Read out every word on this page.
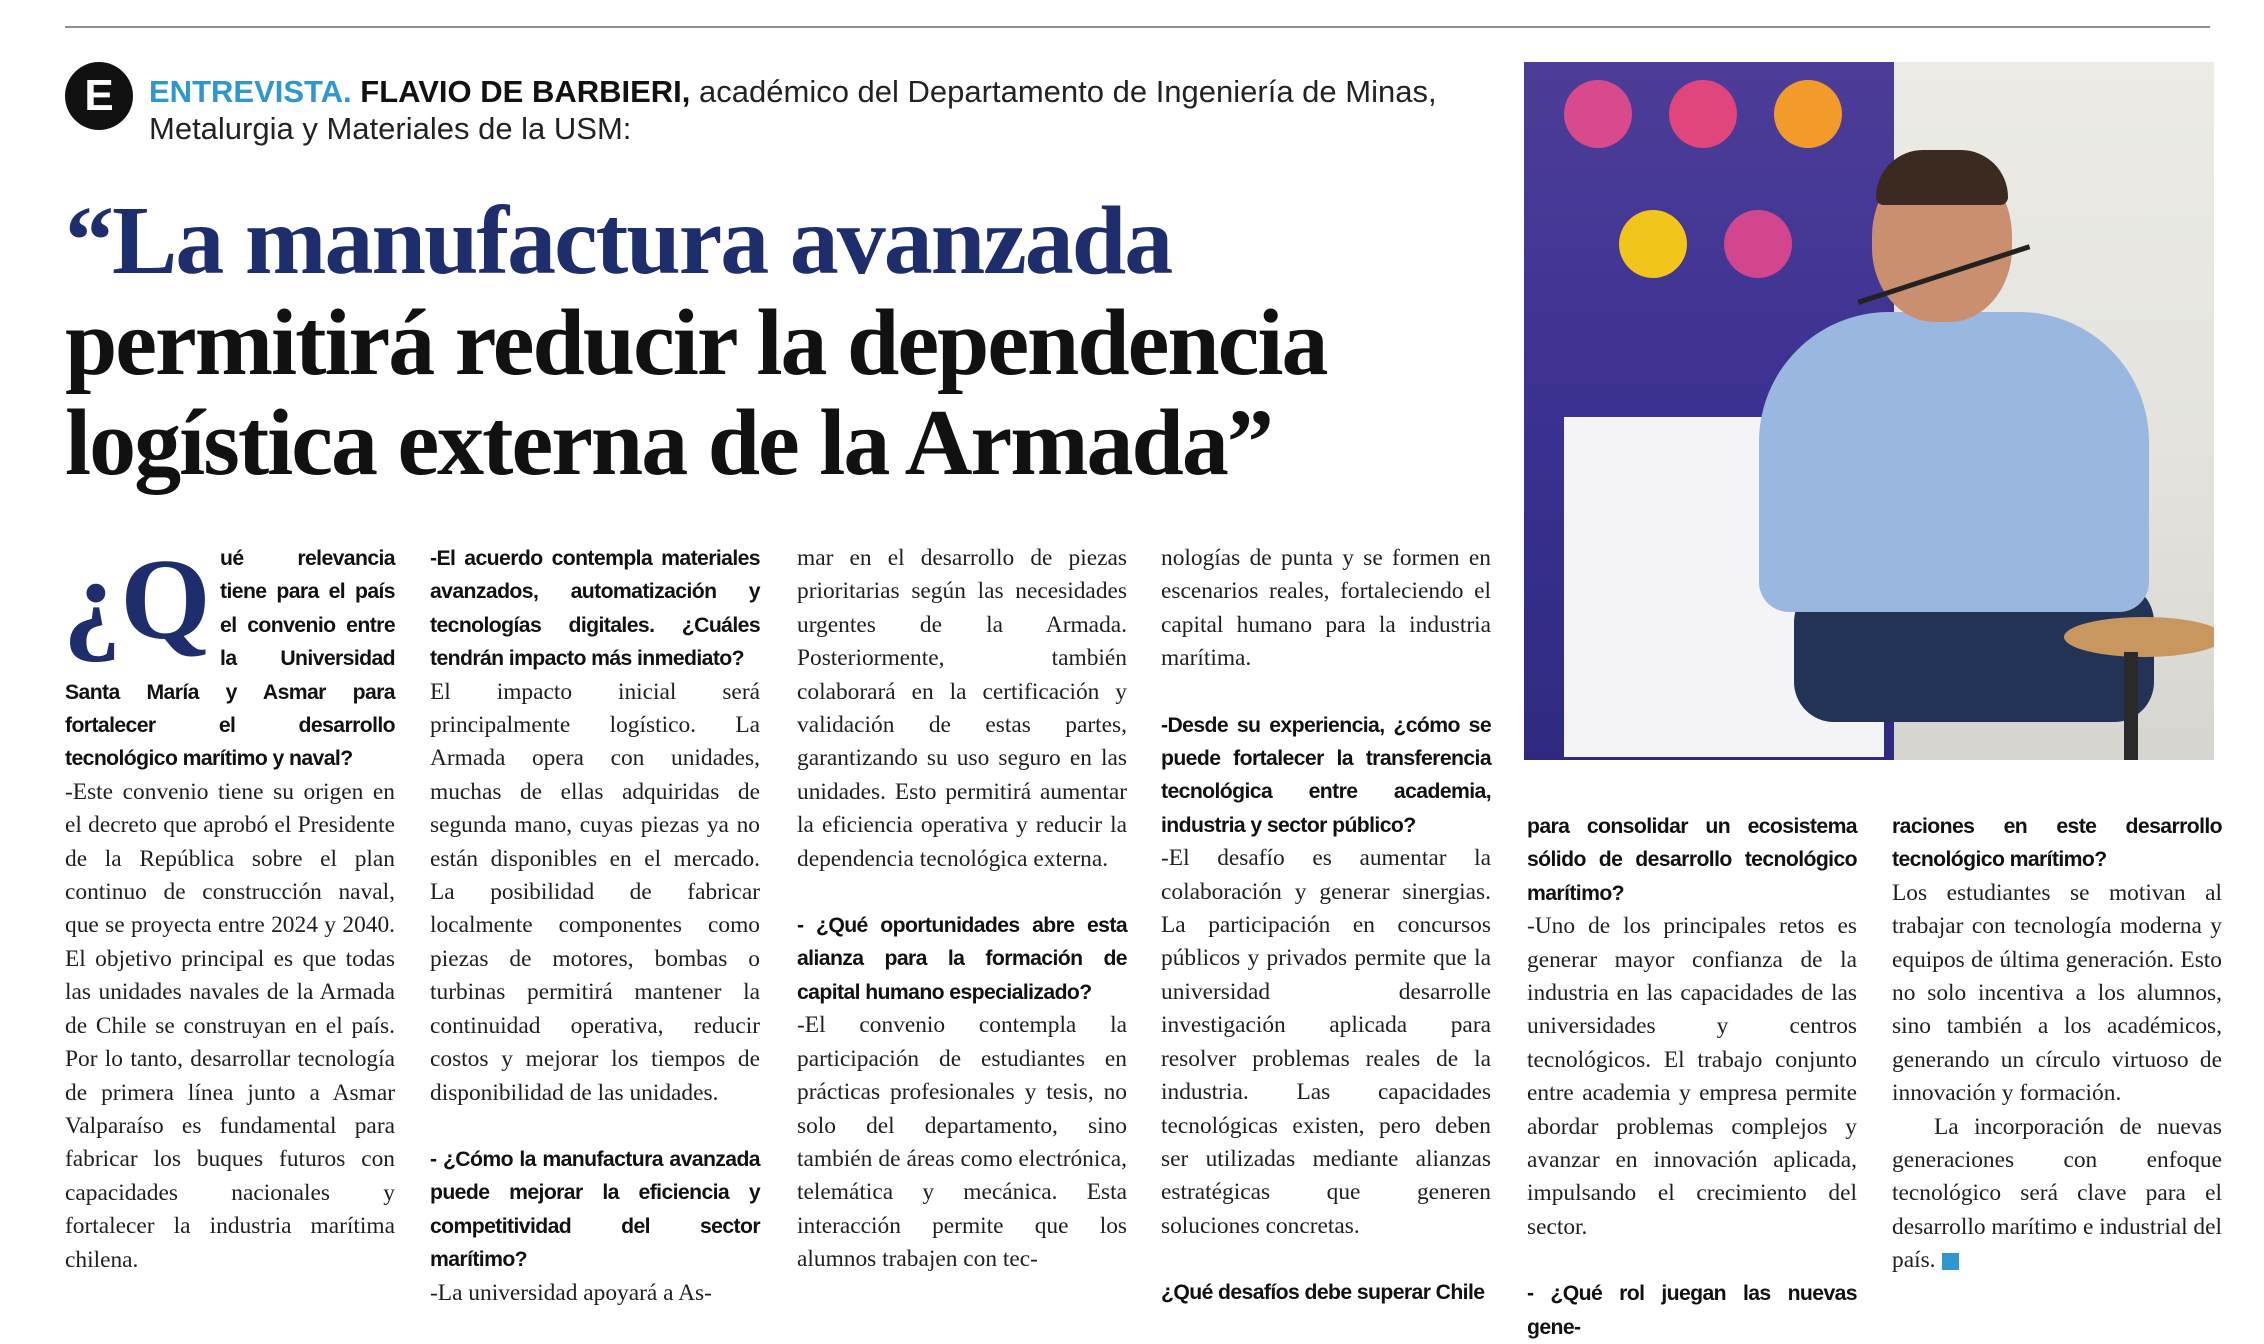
E	ENTREVISTA. FLAVIO DE BARBIERI, académico del Departamento de Ingeniería de Minas,
Metalurgia y Materiales de la USM:
“La manufactura avanzada
permitirá reducir la dependencia
logística externa de la Armada”

¿Q ué relevancia tiene para el país el convenio entre la Universidad Santa María y Asmar para fortalecer el desarrollo tecnológico marítimo y naval?

-Este convenio tiene su origen en el decreto que aprobó el Presidente de la República sobre el plan continuo de construcción naval, que se proyecta entre 2024 y 2040. El objetivo principal es que todas las unidades navales de la Armada de Chile se construyan en el país. Por lo tanto, desarrollar tecnología de primera línea junto a Asmar Valparaíso es fundamental para fabricar los buques futuros con capacidades nacionales y fortalecer la industria marítima chilena.

-El acuerdo contempla materiales avanzados, automatización y tecnologías digitales. ¿Cuáles tendrán impacto más inmediato?

El impacto inicial será principalmente logístico. La Armada opera con unidades, muchas de ellas adquiridas de segunda mano, cuyas piezas ya no están disponibles en el mercado. La posibilidad de fabricar localmente componentes como piezas de motores, bombas o turbinas permitirá mantener la continuidad operativa, reducir costos y mejorar los tiempos de disponibilidad de las unidades.

- ¿Cómo la manufactura avanzada puede mejorar la eficiencia y competitividad del sector marítimo?

-La universidad apoyará a As-

mar en el desarrollo de piezas prioritarias según las necesidades urgentes de la Armada. Posteriormente, también colaborará en la certificación y validación de estas partes, garantizando su uso seguro en las unidades. Esto permitirá aumentar la eficiencia operativa y reducir la dependencia tecnológica externa.

- ¿Qué oportunidades abre esta alianza para la formación de capital humano especializado?

-El convenio contempla la participación de estudiantes en prácticas profesionales y tesis, no solo del departamento, sino también de áreas como electrónica, telemática y mecánica. Esta interacción permite que los alumnos trabajen con tec-

nologías de punta y se formen en escenarios reales, fortaleciendo el capital humano para la industria marítima.

-Desde su experiencia, ¿cómo se puede fortalecer la transferencia tecnológica entre academia, industria y sector público?

-El desafío es aumentar la colaboración y generar sinergias. La participación en concursos públicos y privados permite que la universidad desarrolle investigación aplicada para resolver problemas reales de la industria. Las capacidades tecnológicas existen, pero deben ser utilizadas mediante alianzas estratégicas que generen soluciones concretas.

¿Qué desafíos debe superar Chile

para consolidar un ecosistema sólido de desarrollo tecnológico marítimo?

-Uno de los principales retos es generar mayor confianza de la industria en las capacidades de las universidades y centros tecnológicos. El trabajo conjunto entre academia y empresa permite abordar problemas complejos y avanzar en innovación aplicada, impulsando el crecimiento del sector.

- ¿Qué rol juegan las nuevas gene-

raciones en este desarrollo tecnológico marítimo?

Los estudiantes se motivan al trabajar con tecnología moderna y equipos de última generación. Esto no solo incentiva a los alumnos, sino también a los académicos, generando un círculo virtuoso de innovación y formación.

La incorporación de nuevas generaciones con enfoque tecnológico será clave para el desarrollo marítimo e industrial del país.
